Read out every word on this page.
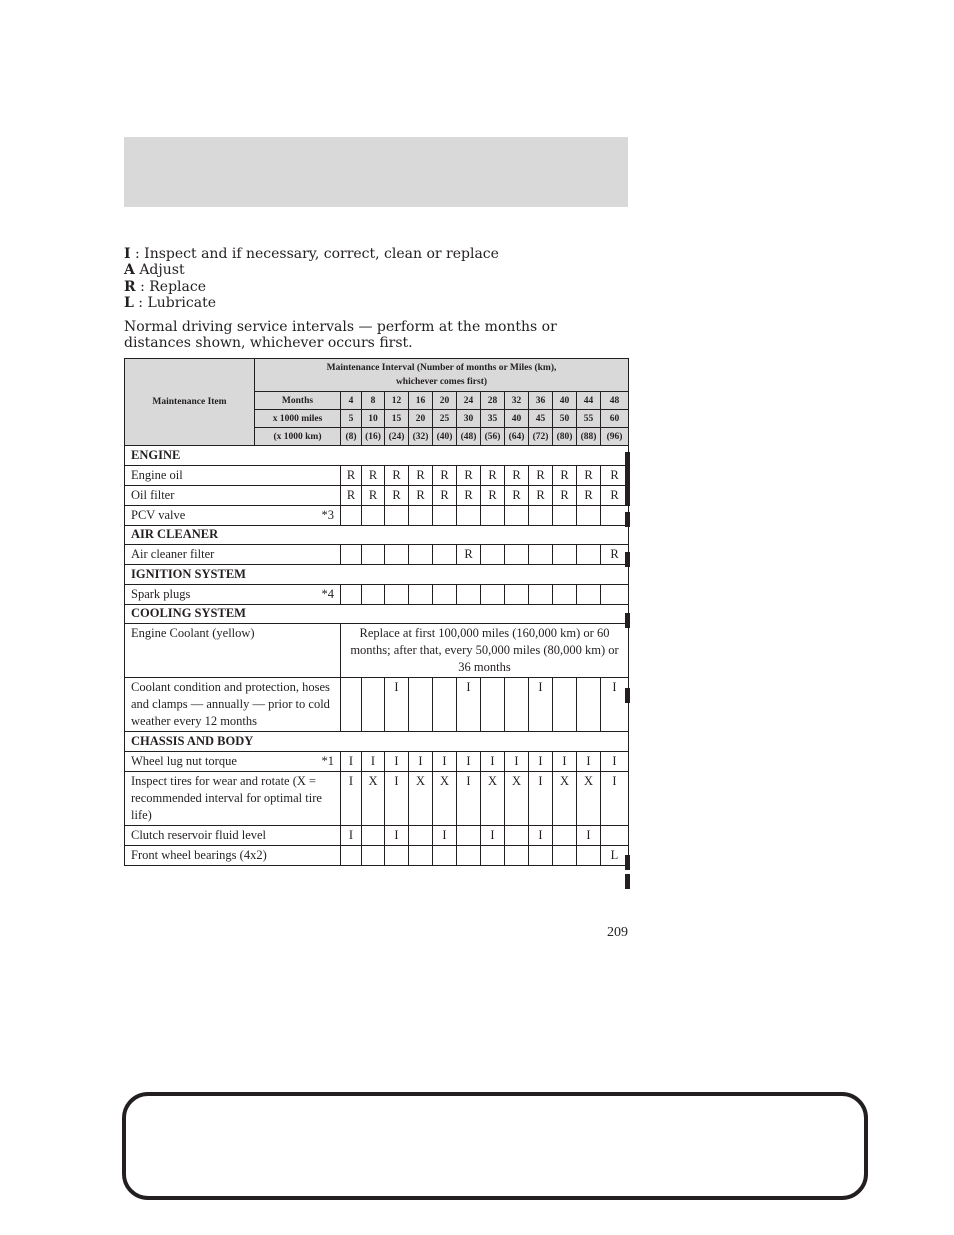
I : Inspect and if necessary, correct, clean or replace
A Adjust
R : Replace
L : Lubricate
Normal driving service intervals — perform at the months or distances shown, whichever occurs first.
Maintenance Item	Maintenance Interval (Number of months or Miles (km),
whichever comes first)												

	Months	4	8	12	16	20	24	28	32	36	40	44	48
	x 1000 miles	5	10	15	20	25	30	35	40	45	50	55	60
	(x 1000 km)	(8)	(16)	(24)	(32)	(40)	(48)	(56)	(64)	(72)	(80)	(88)	(96)
ENGINE													

Engine oil		R	R	R	R	R	R	R	R	R	R	R	R

Oil filter		R	R	R	R	R	R	R	R	R	R	R	R

PCV valve *3													

AIR CLEANER													

Air cleaner filter							R						R
IGNITION SYSTEM													

Spark plugs *4													

COOLING SYSTEM													

Engine Coolant (yellow)		Replace at first 100,000 miles (160,000 km) or 60 months; after that, every 50,000 miles (80,000 km) or 36 months											

Coolant condition and protection, hoses and clamps — annually — prior to cold weather every 12 months				I			I			I			I
CHASSIS AND BODY													

Wheel lug nut torque *1		I	I	I	I	I	I	I	I	I	I	I	I

Inspect tires for wear and rotate (X = recommended interval for optimal tire life)		I	X	I	X	X	I	X	X	I	X	X	I

Clutch reservoir fluid level		I		I		I		I		I		I	

Front wheel bearings (4x2)													L
209
